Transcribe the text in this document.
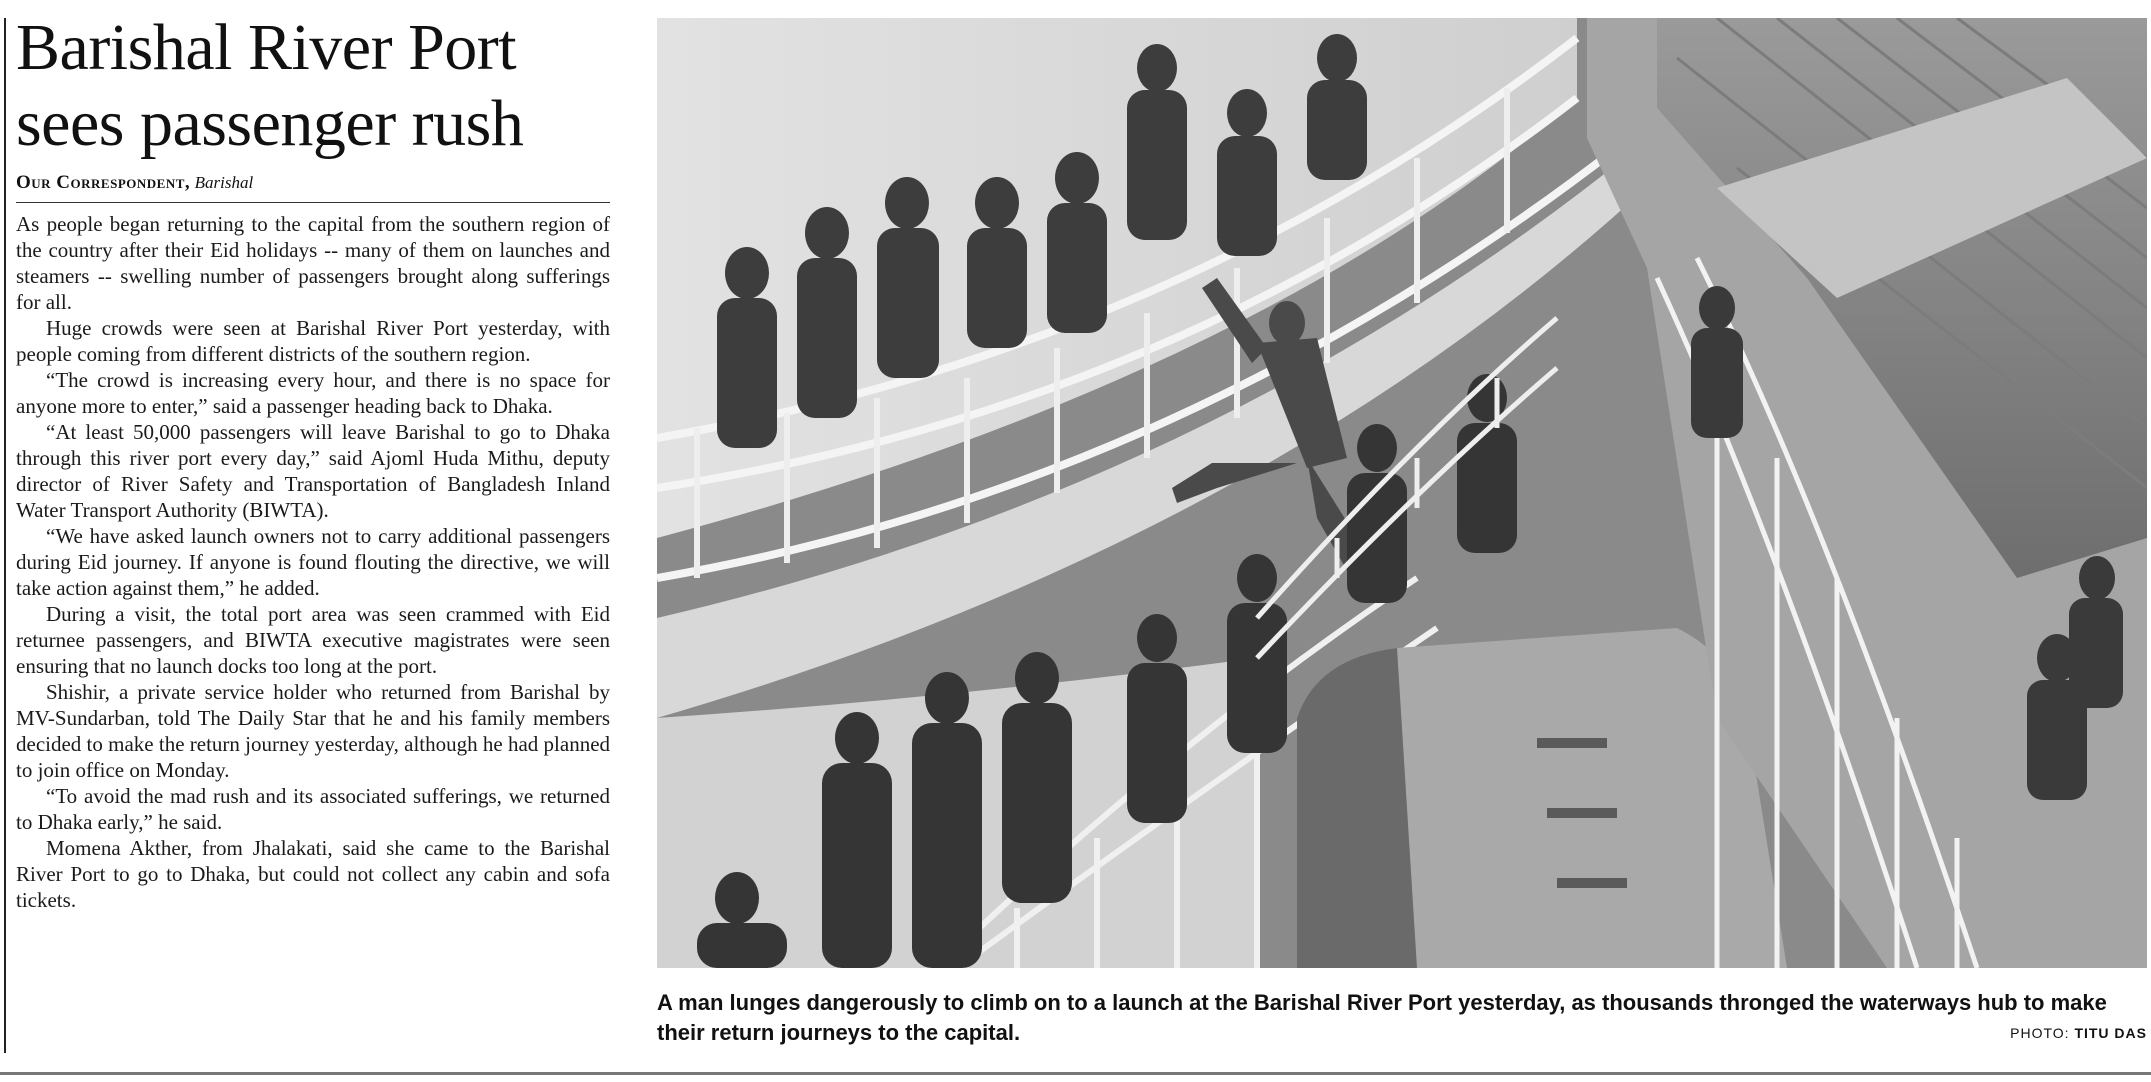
Barishal River Port
sees passenger rush
Our Correspondent, Barishal

As people began returning to the capital from the southern region of the country after their Eid holidays -- many of them on launches and steamers -- swelling number of passengers brought along sufferings for all.

Huge crowds were seen at Barishal River Port yesterday, with people coming from different districts of the southern region.

“The crowd is increasing every hour, and there is no space for anyone more to enter,” said a passenger heading back to Dhaka.

“At least 50,000 passengers will leave Barishal to go to Dhaka through this river port every day,” said Ajoml Huda Mithu, deputy director of River Safety and Transportation of Bangladesh Inland Water Transport Authority (BIWTA).

“We have asked launch owners not to carry additional passengers during Eid journey. If anyone is found flouting the directive, we will take action against them,” he added.

During a visit, the total port area was seen crammed with Eid returnee passengers, and BIWTA executive magistrates were seen ensuring that no launch docks too long at the port.

Shishir, a private service holder who returned from Barishal by MV-Sundarban, told The Daily Star that he and his family members decided to make the return journey yesterday, although he had planned to join office on Monday.

“To avoid the mad rush and its associated sufferings, we returned to Dhaka early,” he said.

Momena Akther, from Jhalakati, said she came to the Barishal River Port to go to Dhaka, but could not collect any cabin and sofa tickets.

A man lunges dangerously to climb on to a launch at the Barishal River Port yesterday, as thousands thronged the waterways hub to make their return journeys to the capital.	PHOTO: TITU DAS
